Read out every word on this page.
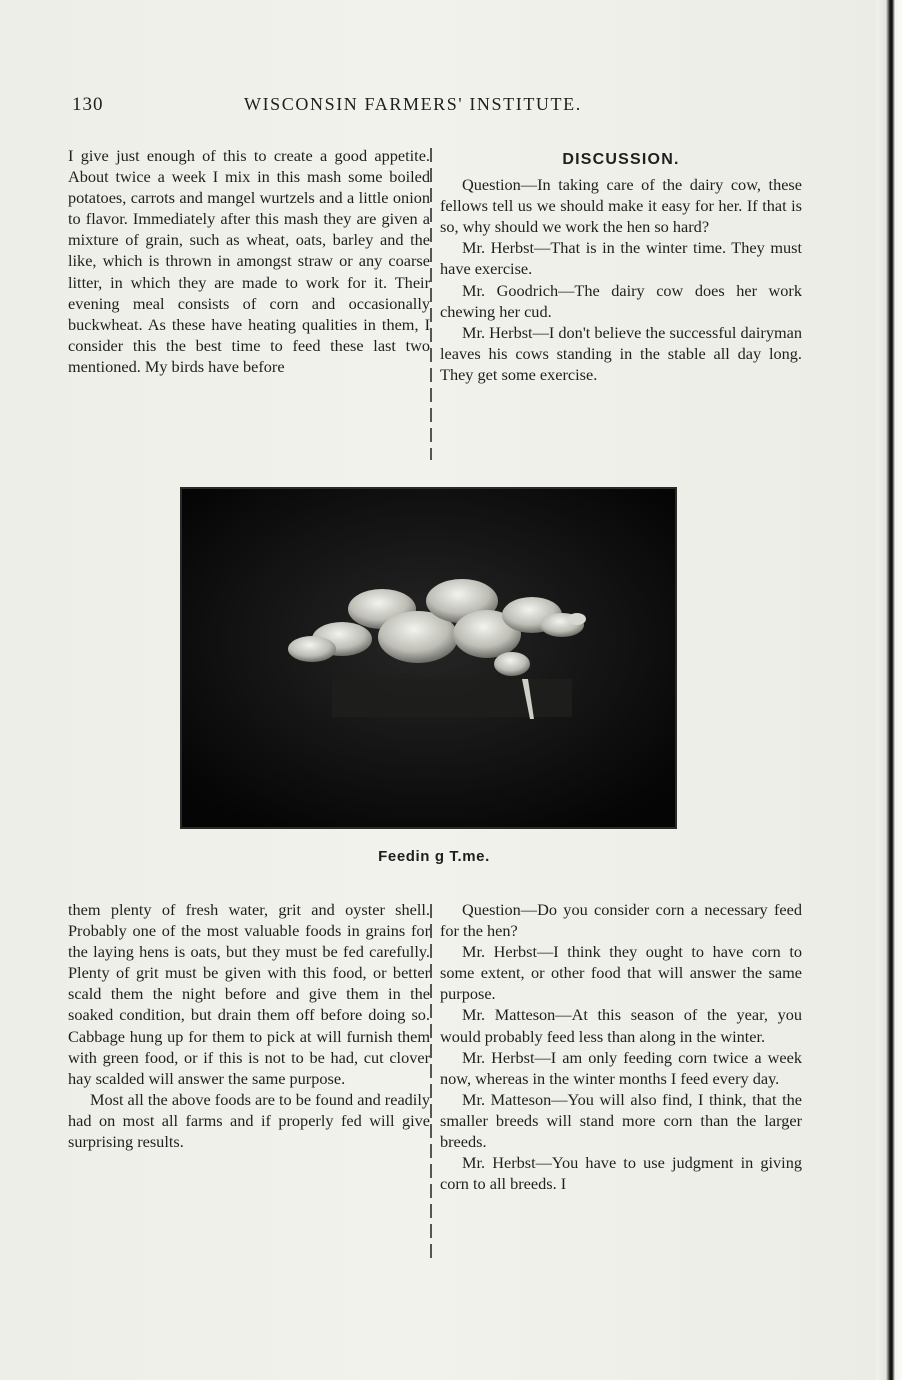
130	WISCONSIN FARMERS' INSTITUTE.

I give just enough of this to create a good appetite. About twice a week I mix in this mash some boiled potatoes, carrots and mangel wurtzels and a little onion to flavor. Immediately after this mash they are given a mixture of grain, such as wheat, oats, barley and the like, which is thrown in amongst straw or any coarse litter, in which they are made to work for it. Their evening meal consists of corn and occasionally buckwheat. As these have heating qualities in them, I consider this the best time to feed these last two mentioned. My birds have before

DISCUSSION.

Question—In taking care of the dairy cow, these fellows tell us we should make it easy for her. If that is so, why should we work the hen so hard?

Mr. Herbst—That is in the winter time. They must have exercise.

Mr. Goodrich—The dairy cow does her work chewing her cud.

Mr. Herbst—I don't believe the successful dairyman leaves his cows standing in the stable all day long. They get some exercise.

Feedin g T.me.

them plenty of fresh water, grit and oyster shell. Probably one of the most valuable foods in grains for the laying hens is oats, but they must be fed carefully. Plenty of grit must be given with this food, or better scald them the night before and give them in the soaked condition, but drain them off before doing so. Cabbage hung up for them to pick at will furnish them with green food, or if this is not to be had, cut clover hay scalded will answer the same purpose.

Most all the above foods are to be found and readily had on most all farms and if properly fed will give surprising results.

Question—Do you consider corn a necessary feed for the hen?

Mr. Herbst—I think they ought to have corn to some extent, or other food that will answer the same purpose.

Mr. Matteson—At this season of the year, you would probably feed less than along in the winter.

Mr. Herbst—I am only feeding corn twice a week now, whereas in the winter months I feed every day.

Mr. Matteson—You will also find, I think, that the smaller breeds will stand more corn than the larger breeds.

Mr. Herbst—You have to use judgment in giving corn to all breeds. I
